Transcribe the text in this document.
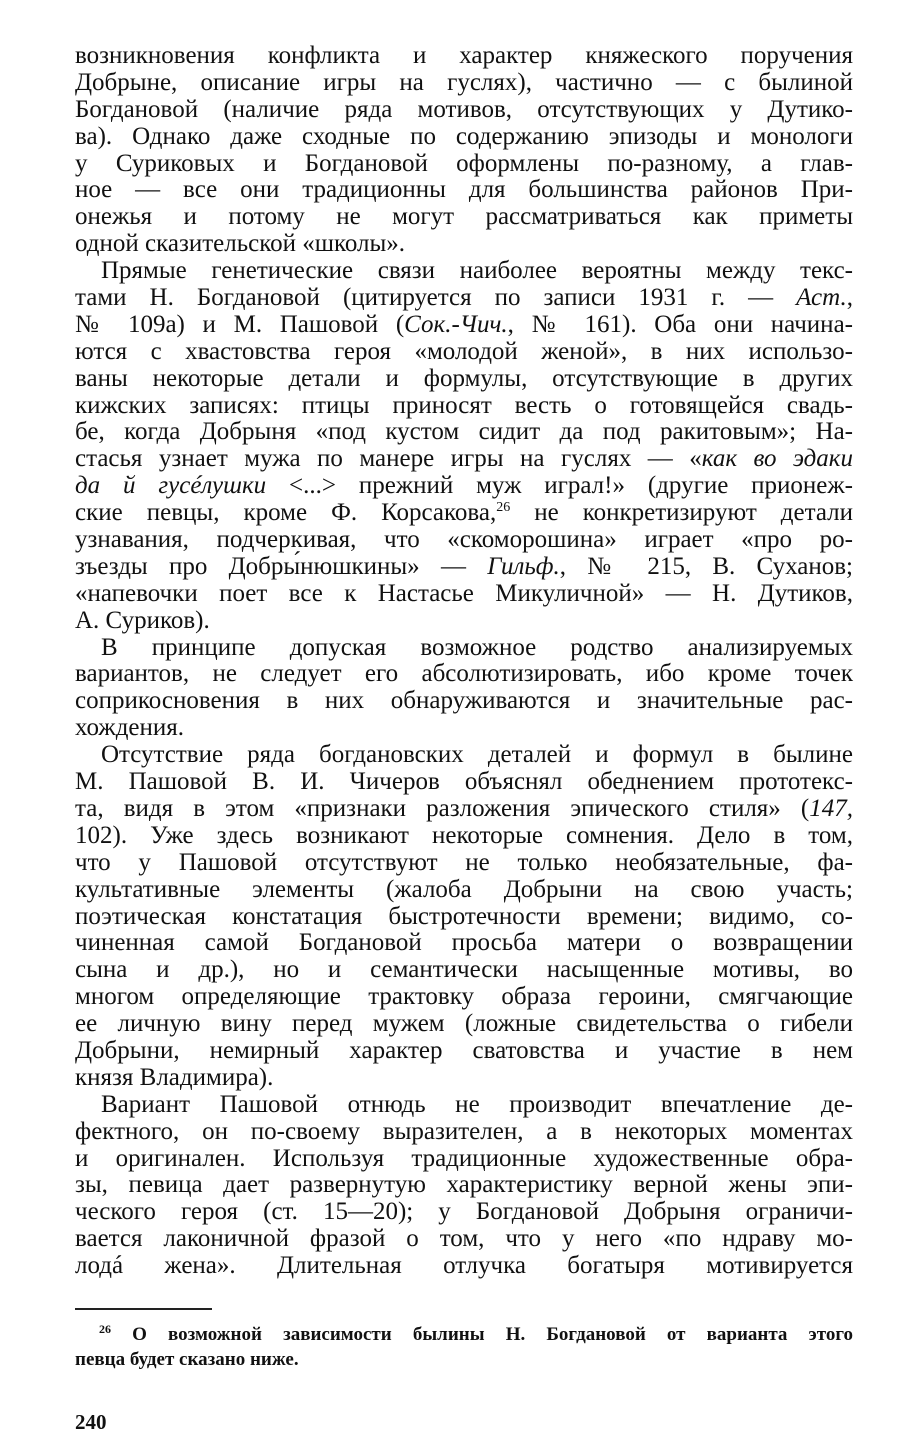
возникновения конфликта и характер княжеского поручения
Добрыне, описание игры на гуслях), частично — с былиной
Богдановой (наличие ряда мотивов, отсутствующих у Дутико-
ва). Однако даже сходные по содержанию эпизоды и монологи
у Суриковых и Богдановой оформлены по-разному, а глав-
ное — все они традиционны для большинства районов При-
онежья и потому не могут рассматриваться как приметы
одной сказительской «школы».
Прямые генетические связи наиболее вероятны между текс-
тами Н. Богдановой (цитируется по записи 1931 г. — Аст.,
№ 109а) и М. Пашовой (Сок.-Чич., № 161). Оба они начина-
ются с хвастовства героя «молодой женой», в них использо-
ваны некоторые детали и формулы, отсутствующие в других
кижских записях: птицы приносят весть о готовящейся свадь-
бе, когда Добрыня «под кустом сидит да под ракитовым»; На-
стасья узнает мужа по манере игры на гуслях — «как во эдаки
да й гусéлушки <...> прежний муж играл!» (другие прионеж-
ские певцы, кроме Ф. Корсакова,$^{26}$ не конкретизируют детали
узнавания, подчеркивая, что «скоморошина» играет «про ро-
зъезды про Добры́нюшкины» — Гильф., № 215, В. Суханов;
«напевочки поет все к Настасье Микуличной» — Н. Дутиков,
А. Суриков).
В принципе допуская возможное родство анализируемых
вариантов, не следует его абсолютизировать, ибо кроме точек
соприкосновения в них обнаруживаются и значительные рас-
хождения.
Отсутствие ряда богдановских деталей и формул в былине
М. Пашовой В. И. Чичеров объяснял обеднением прототекс-
та, видя в этом «признаки разложения эпического стиля» (147,
102). Уже здесь возникают некоторые сомнения. Дело в том,
что у Пашовой отсутствуют не только необязательные, фа-
культативные элементы (жалоба Добрыни на свою участь;
поэтическая констатация быстротечности времени; видимо, со-
чиненная самой Богдановой просьба матери о возвращении
сына и др.), но и семантически насыщенные мотивы, во
многом определяющие трактовку образа героини, смягчающие
ее личную вину перед мужем (ложные свидетельства о гибели
Добрыни, немирный характер сватовства и участие в нем
князя Владимира).
Вариант Пашовой отнюдь не производит впечатление де-
фектного, он по-своему выразителен, а в некоторых моментах
и оригинален. Используя традиционные художественные обра-
зы, певица дает развернутую характеристику верной жены эпи-
ческого героя (ст. 15—20); у Богдановой Добрыня ограничи-
вается лаконичной фразой о том, что у него «по ндраву мо-
лодá жена». Длительная отлучка богатыря мотивируется
$^{26}$ О возможной зависимости былины Н. Богдановой от варианта этого
певца будет сказано ниже.
240
